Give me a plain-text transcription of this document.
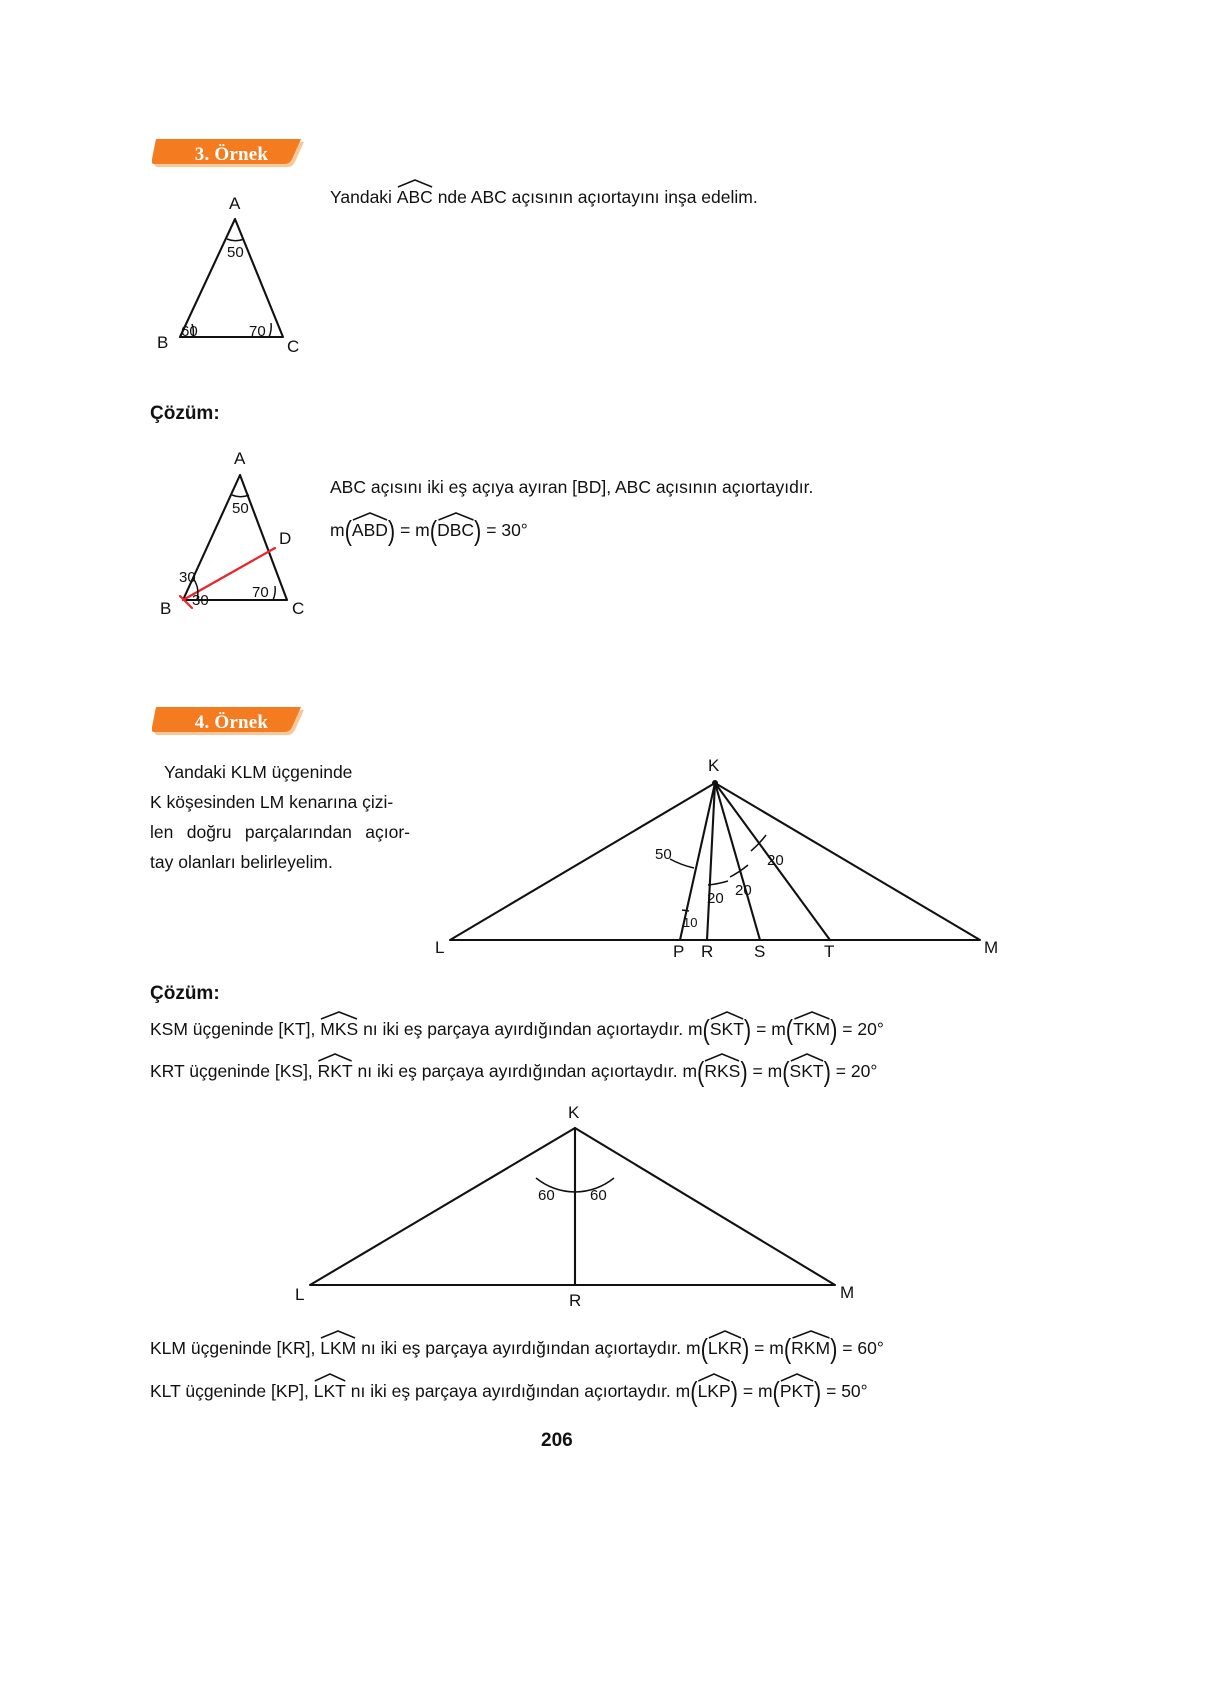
3. Örnek
Yandaki ABC nde ABC açısının açıortayını inşa edelim.
A
B	C
50
60	70
Çözüm:
A
B	C
D
50
30
30	70
ABC açısını iki eş açıya ayıran [BD], ABC açısının açıortayıdır.
m(
ABD) = m(
DBC) = 30°
4. Örnek
Yandaki KLM üçgeninde
K köşesinden LM kenarına çizi-
len doğru parçalarından açıor-
tay olanları belirleyelim.	50
10
20 20
20
K
L	P R S	T	M
Çözüm:
KSM üçgeninde [KT], MKS nı iki eş parçaya ayırdığından açıortaydır. m(
SKT) = m(
TKM) = 20°
KRT üçgeninde [KS], RKT nı iki eş parçaya ayırdığından açıortaydır. m(
RKS) = m(
SKT) = 20°
60 60
K
L	R	M
KLM üçgeninde [KR], LKM nı iki eş parçaya ayırdığından açıortaydır. m(
LKR) = m(
RKM) = 60°
KLT üçgeninde [KP], LKT nı iki eş parçaya ayırdığından açıortaydır. m(
LKP) = m(
PKT) = 50°
206
